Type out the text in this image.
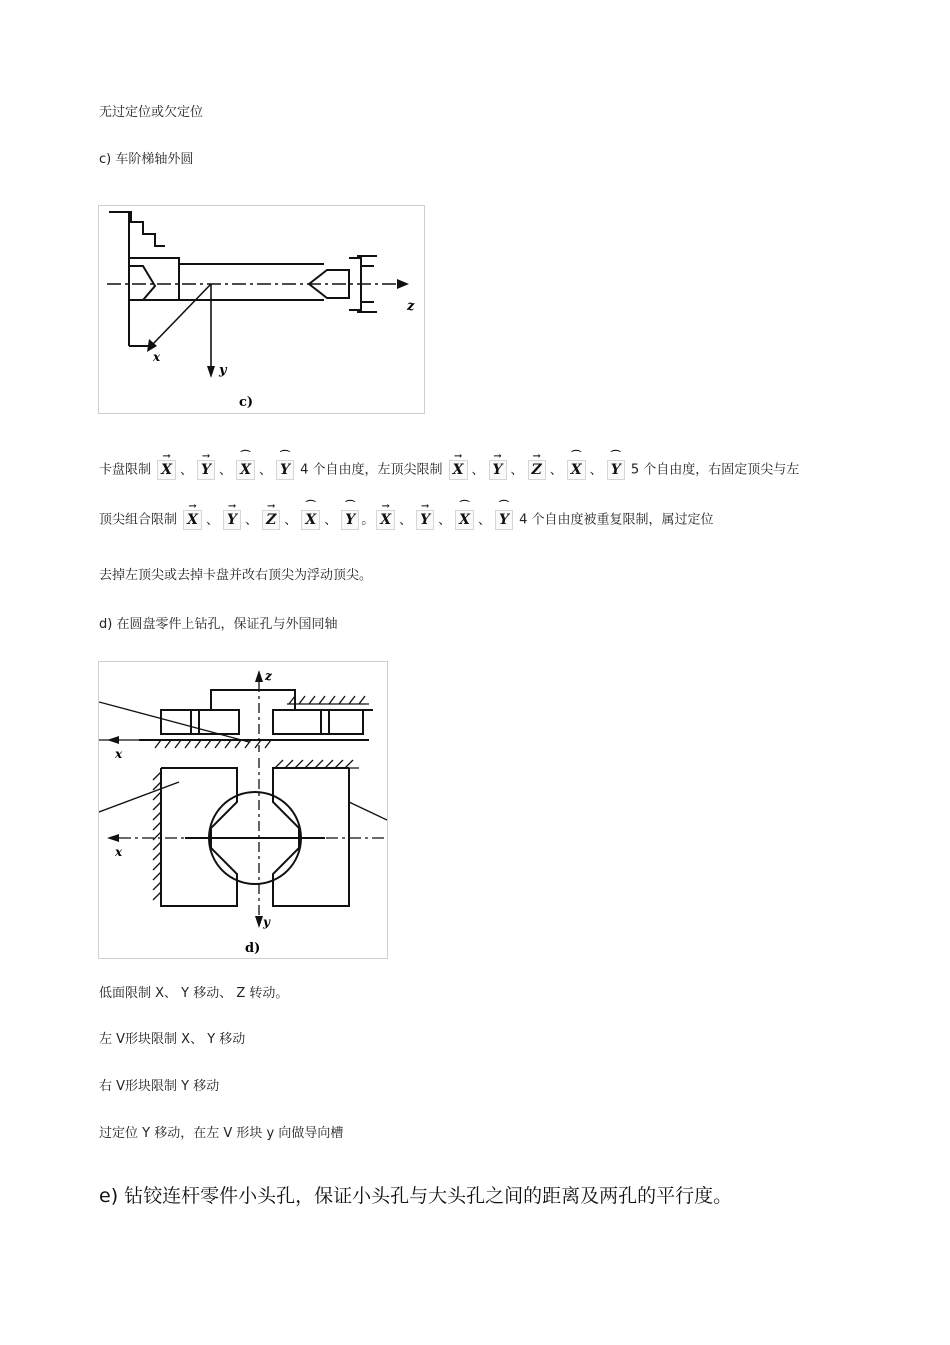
无过定位或欠定位
c) 车阶梯轴外圆
x
y
z
c)
卡盘限制
→
X 、
→
Y 、
⌒
X 、
⌒
Y 4 个自由度，左顶尖限制
→
X 、
→
Y 、
→
Z 、
⌒
X 、
⌒
Y 5 个自由度，右固定顶尖与左
顶尖组合限制
→
X 、
→
Y 、
→
Z 、
⌒
X 、
⌒
Y 。
→
X 、
→
Y 、
⌒
X 、
⌒
Y 4 个自由度被重复限制，属过定位
去掉左顶尖或去掉卡盘并改右顶尖为浮动顶尖。
d) 在圆盘零件上钻孔，保证孔与外国同轴
z
x
x
y
d)
低面限制 X、 Y 移动、 Z 转动。
左 V形块限制 X、 Y 移动
右 V形块限制 Y 移动
过定位 Y 移动，在左 V 形块 y 向做导向槽
e) 钻铰连杆零件小头孔，保证小头孔与大头孔之间的距离及两孔的平行度。
